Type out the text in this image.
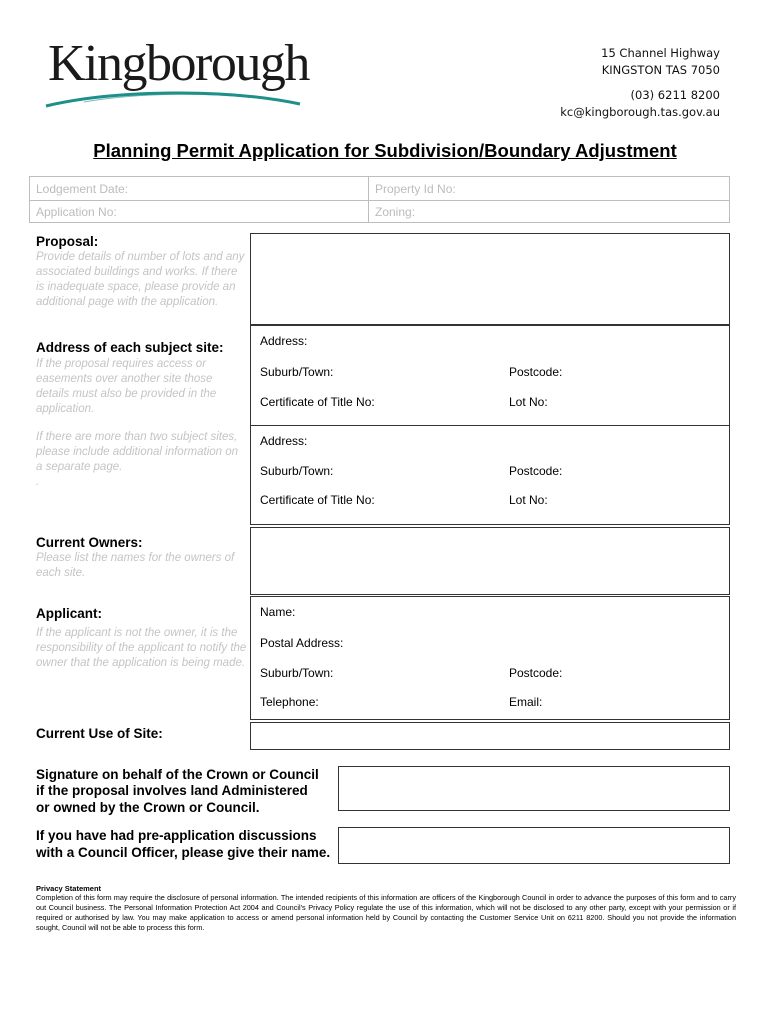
Kingborough	15 Channel Highway
KINGSTON TAS 7050
(03) 6211 8200
kc@kingborough.tas.gov.au
Planning Permit Application for Subdivision/Boundary Adjustment
Lodgement Date:	Property Id No:
Application No:	Zoning:
Proposal:
Provide details of number of lots and any associated buildings and works. If there is inadequate space, please provide an additional page with the application.
Address of each subject site:
If the proposal requires access or easements over another site those details must also be provided in the application.
If there are more than two subject sites, please include additional information on a separate page.
.
Address:
Suburb/Town:	Postcode:
Certificate of Title No:	Lot No:
Address:
Suburb/Town:	Postcode:
Certificate of Title No:	Lot No:
Current Owners:
Please list the names for the owners of each site.
Applicant:
If the applicant is not the owner, it is the responsibility of the applicant to notify the owner that the application is being made.
Name:
Postal Address:
Suburb/Town:	Postcode:
Telephone:	Email:
Current Use of Site:
Signature on behalf of the Crown or Council
if the proposal involves land Administered
or owned by the Crown or Council.
If you have had pre-application discussions
with a Council Officer, please give their name.
Privacy Statement
Completion of this form may require the disclosure of personal information. The intended recipients of this information are officers of the Kingborough Council in order to advance the purposes of this form and to carry out Council business. The Personal Information Protection Act 2004 and Council's Privacy Policy regulate the use of this information, which will not be disclosed to any other party, except with your permission or if required or authorised by law. You may make application to access or amend personal information held by Council by contacting the Customer Service Unit on 6211 8200. Should you not provide the information sought, Council will not be able to process this form.
